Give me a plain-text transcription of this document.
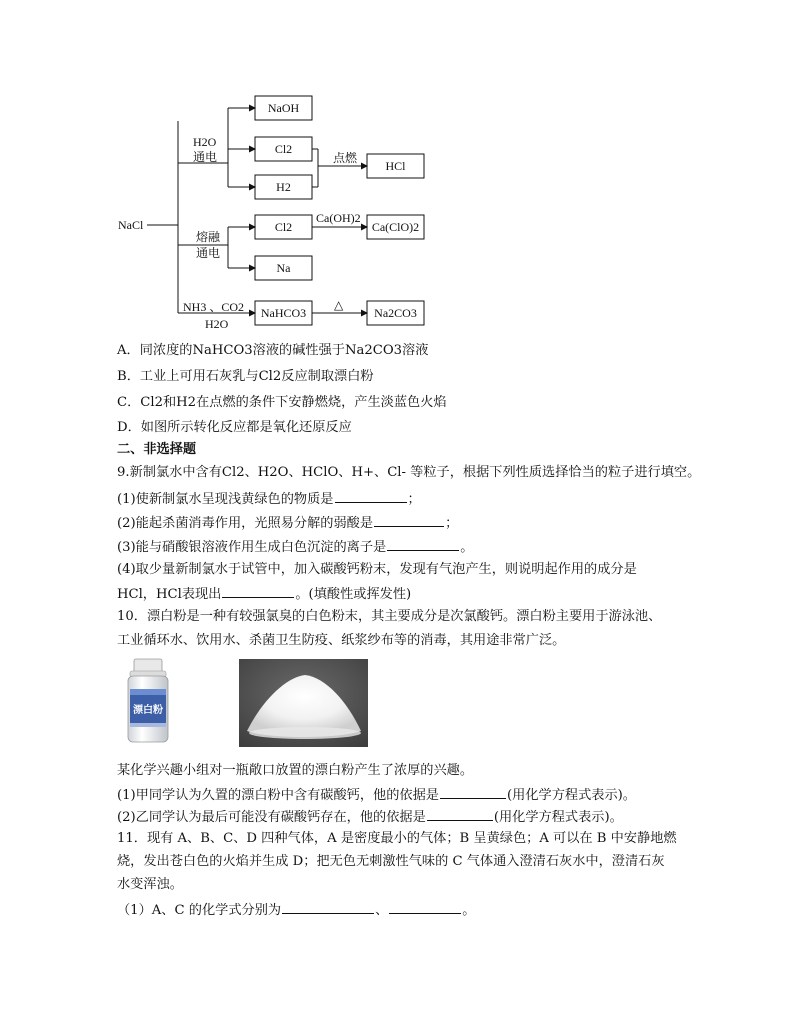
NaCl
H2O
通电
NaOH
Cl2
H2
点燃
HCl
熔融
通电
Cl2
Ca(OH)2
Ca(ClO)2
Na
NH3 、CO2
H2O
NaHCO3
△
Na2CO3
A．同浓度的NaHCO3溶液的碱性强于Na2CO3溶液
B．工业上可用石灰乳与Cl2反应制取漂白粉
C．Cl2和H2在点燃的条件下安静燃烧，产生淡蓝色火焰
D．如图所示转化反应都是氧化还原反应
二、非选择题
9.新制氯水中含有Cl2、H2O、HClO、H+、Cl- 等粒子，根据下列性质选择恰当的粒子进行填空。
(1)使新制氯水呈现浅黄绿色的物质是	；
(2)能起杀菌消毒作用，光照易分解的弱酸是	；
(3)能与硝酸银溶液作用生成白色沉淀的离子是	。
(4)取少量新制氯水于试管中，加入碳酸钙粉末，发现有气泡产生，则说明起作用的成分是
HCl，HCl表现出	。(填酸性或挥发性)
10．漂白粉是一种有较强氯臭的白色粉末，其主要成分是次氯酸钙。漂白粉主要用于游泳池、
工业循环水、饮用水、杀菌卫生防疫、纸浆纱布等的消毒，其用途非常广泛。
漂白粉
某化学兴趣小组对一瓶敞口放置的漂白粉产生了浓厚的兴趣。
(1)甲同学认为久置的漂白粉中含有碳酸钙，他的依据是	(用化学方程式表示)。
(2)乙同学认为最后可能没有碳酸钙存在，他的依据是	(用化学方程式表示)。
11．现有 A、B、C、D 四种气体，A 是密度最小的气体；B 呈黄绿色；A 可以在 B 中安静地燃
烧，发出苍白色的火焰并生成 D；把无色无刺激性气味的 C 气体通入澄清石灰水中，澄清石灰
水变浑浊。
（1）A、C 的化学式分别为	、	。
